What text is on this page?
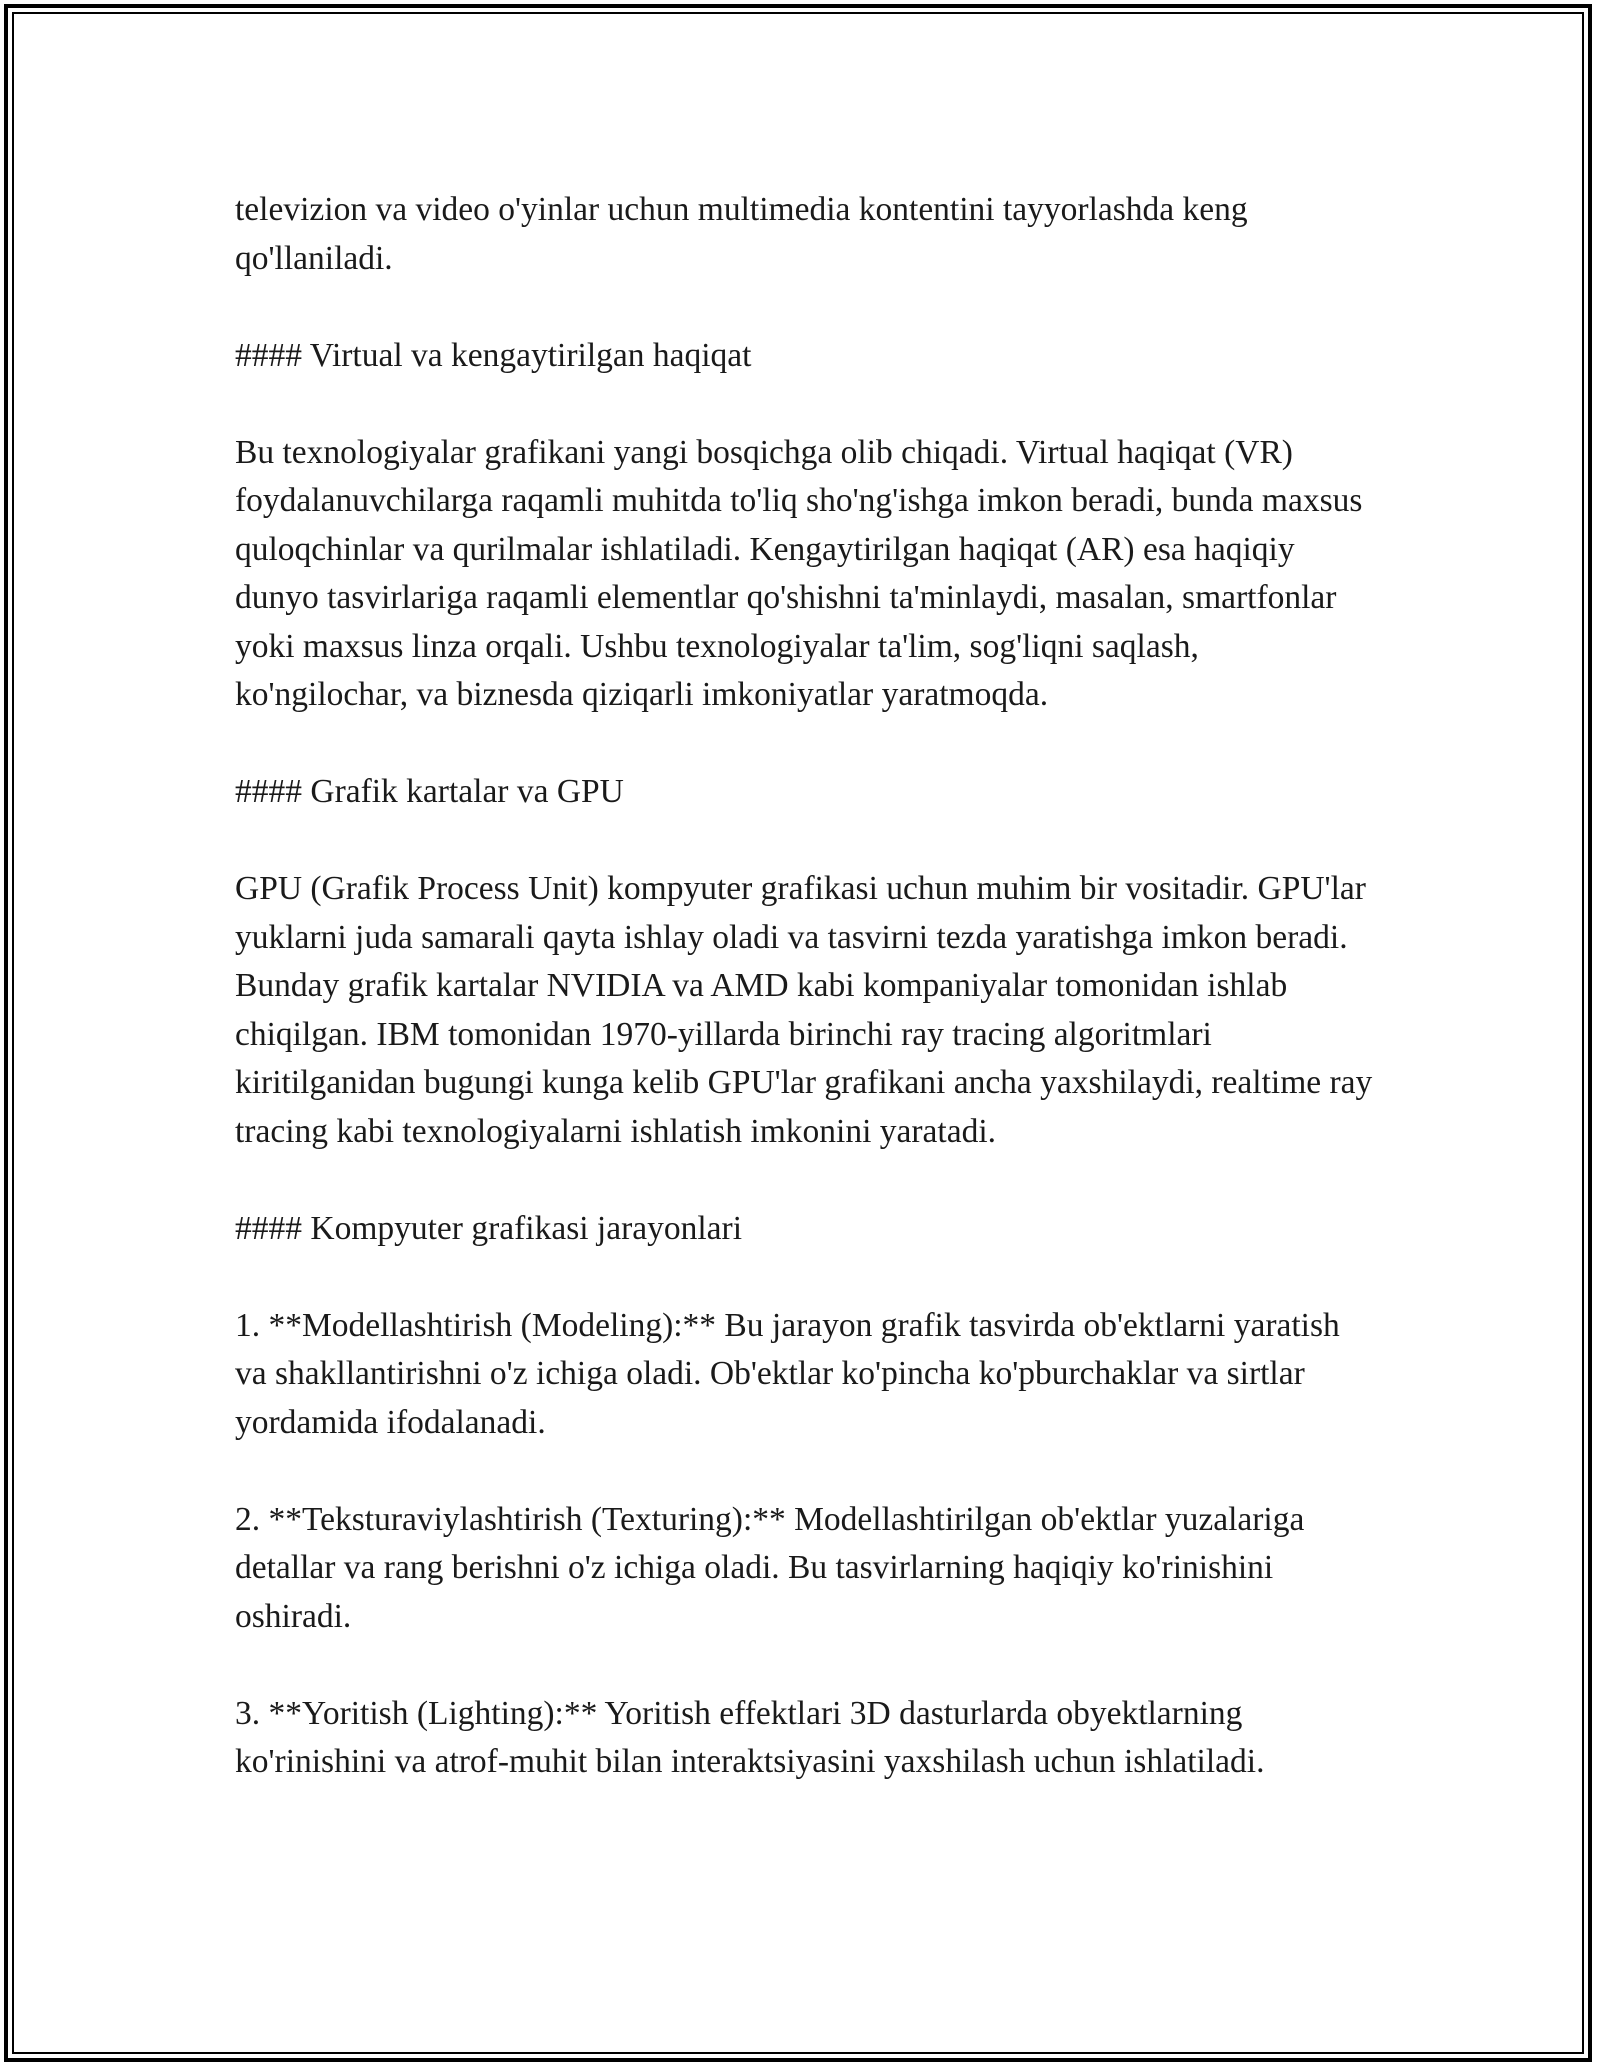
televizion va video o'yinlar uchun multimedia kontentini tayyorlashda keng qo'llaniladi.

#### Virtual va kengaytirilgan haqiqat

Bu texnologiyalar grafikani yangi bosqichga olib chiqadi. Virtual haqiqat (VR) foydalanuvchilarga raqamli muhitda to'liq sho'ng'ishga imkon beradi, bunda maxsus quloqchinlar va qurilmalar ishlatiladi. Kengaytirilgan haqiqat (AR) esa haqiqiy dunyo tasvirlariga raqamli elementlar qo'shishni ta'minlaydi, masalan, smartfonlar yoki maxsus linza orqali. Ushbu texnologiyalar ta'lim, sog'liqni saqlash, ko'ngilochar, va biznesda qiziqarli imkoniyatlar yaratmoqda.

#### Grafik kartalar va GPU

GPU (Grafik Process Unit) kompyuter grafikasi uchun muhim bir vositadir. GPU'lar yuklarni juda samarali qayta ishlay oladi va tasvirni tezda yaratishga imkon beradi. Bunday grafik kartalar NVIDIA va AMD kabi kompaniyalar tomonidan ishlab chiqilgan. IBM tomonidan 1970-yillarda birinchi ray tracing algoritmlari kiritilganidan bugungi kunga kelib GPU'lar grafikani ancha yaxshilaydi, realtime ray tracing kabi texnologiyalarni ishlatish imkonini yaratadi.

#### Kompyuter grafikasi jarayonlari

1. **Modellashtirish (Modeling):** Bu jarayon grafik tasvirda ob'ektlarni yaratish va shakllantirishni o'z ichiga oladi. Ob'ektlar ko'pincha ko'pburchaklar va sirtlar yordamida ifodalanadi.

2. **Teksturaviylashtirish (Texturing):** Modellashtirilgan ob'ektlar yuzalariga detallar va rang berishni o'z ichiga oladi. Bu tasvirlarning haqiqiy ko'rinishini oshiradi.

3. **Yoritish (Lighting):** Yoritish effektlari 3D dasturlarda obyektlarning ko'rinishini va atrof-muhit bilan interaktsiyasini yaxshilash uchun ishlatiladi.
